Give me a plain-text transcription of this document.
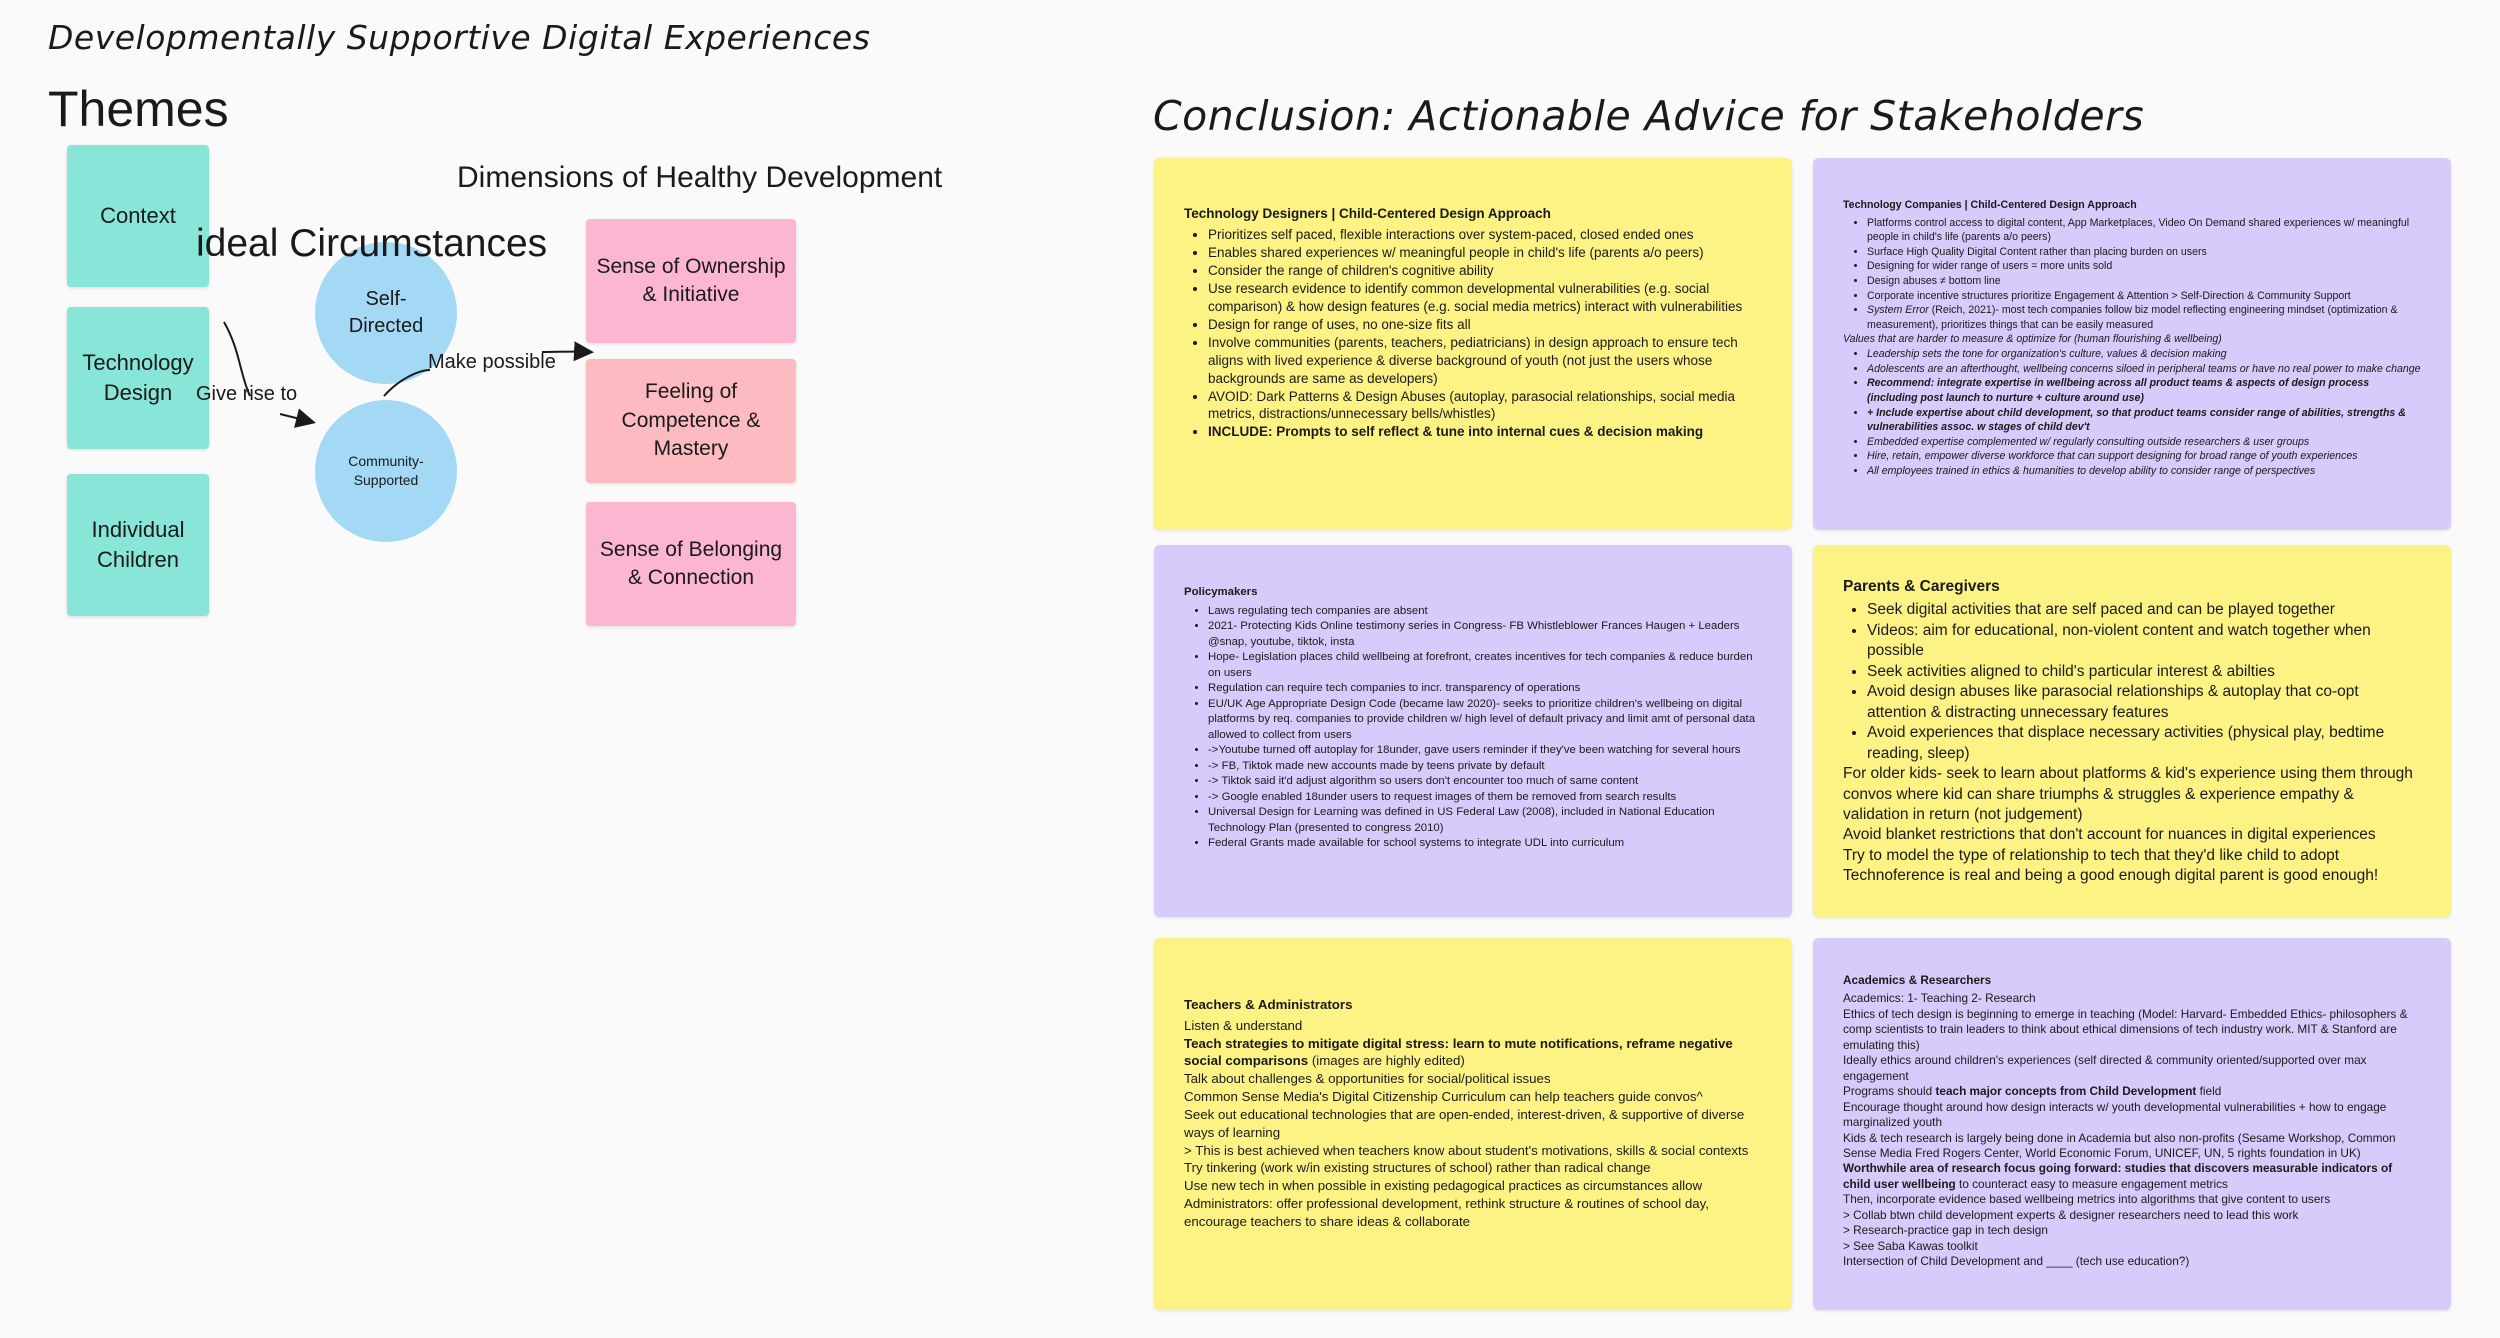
Developmentally Supportive Digital Experiences
Themes
Context
Technology Design
Individual Children
Dimensions of Healthy Development
Self-Directed
Community-Supported
ideal Circumstances
Sense of Ownership & Initiative
Feeling of Competence & Mastery
Sense of Belonging & Connection
Give rise to
Make possible
Conclusion: Actionable Advice for Stakeholders
Technology Designers | Child-Centered Design Approach
• Prioritizes self paced, flexible interactions over system-paced, closed ended ones
• Enables shared experiences w/ meaningful people in child's life (parents a/o peers)
• Consider the range of children's cognitive ability
• Use research evidence to identify common developmental vulnerabilities (e.g. social comparison) & how design features (e.g. social media metrics) interact with vulnerabilities
• Design for range of uses, no one-size fits all
• Involve communities (parents, teachers, pediatricians) in design approach to ensure tech aligns with lived experience & diverse background of youth (not just the users whose backgrounds are same as developers)
• AVOID: Dark Patterns & Design Abuses (autoplay, parasocial relationships, social media metrics, distractions/unnecessary bells/whistles)
• INCLUDE: Prompts to self reflect & tune into internal cues & decision making
Technology Companies | Child-Centered Design Approach
• Platforms control access to digital content, App Marketplaces, Video On Demand shared experiences w/ meaningful people in child's life (parents a/o peers)
• Surface High Quality Digital Content rather than placing burden on users
• Designing for wider range of users = more units sold
• Design abuses ≠ bottom line
• Corporate incentive structures prioritize Engagement & Attention > Self-Direction & Community Support
• System Error (Reich, 2021)- most tech companies follow biz model reflecting engineering mindset (optimization & measurement), prioritizes things that can be easily measured

Values that are harder to measure & optimize for (human flourishing & wellbeing)

• Leadership sets the tone for organization's culture, values & decision making
• Adolescents are an afterthought, wellbeing concerns siloed in peripheral teams or have no real power to make change
• Recommend: integrate expertise in wellbeing across all product teams & aspects of design process (including post launch to nurture + culture around use)
• + Include expertise about child development, so that product teams consider range of abilities, strengths & vulnerabilities assoc. w stages of child dev't
• Embedded expertise complemented w/ regularly consulting outside researchers & user groups
• Hire, retain, empower diverse workforce that can support designing for broad range of youth experiences
• All employees trained in ethics & humanities to develop ability to consider range of perspectives
Policymakers
• Laws regulating tech companies are absent
• 2021- Protecting Kids Online testimony series in Congress- FB Whistleblower Frances Haugen + Leaders @snap, youtube, tiktok, insta
• Hope- Legislation places child wellbeing at forefront, creates incentives for tech companies & reduce burden on users
• Regulation can require tech companies to incr. transparency of operations
• EU/UK Age Appropriate Design Code (became law 2020)- seeks to prioritize children's wellbeing on digital platforms by req. companies to provide children w/ high level of default privacy and limit amt of personal data allowed to collect from users
• ->Youtube turned off autoplay for 18under, gave users reminder if they've been watching for several hours
• -> FB, Tiktok made new accounts made by teens private by default
• -> Tiktok said it'd adjust algorithm so users don't encounter too much of same content
• -> Google enabled 18under users to request images of them be removed from search results
• Universal Design for Learning was defined in US Federal Law (2008), included in National Education Technology Plan (presented to congress 2010)
• Federal Grants made available for school systems to integrate UDL into curriculum
Parents & Caregivers
• Seek digital activities that are self paced and can be played together
• Videos: aim for educational, non-violent content and watch together when possible
• Seek activities aligned to child's particular interest & abilties
• Avoid design abuses like parasocial relationships & autoplay that co-opt attention & distracting unnecessary features
• Avoid experiences that displace necessary activities (physical play, bedtime reading, sleep)

For older kids- seek to learn about platforms & kid's experience using them through convos where kid can share triumphs & struggles & experience empathy & validation in return (not judgement)

Avoid blanket restrictions that don't account for nuances in digital experiences

Try to model the type of relationship to tech that they'd like child to adopt

Technoference is real and being a good enough digital parent is good enough!

Teachers & Administrators

Listen & understand

Teach strategies to mitigate digital stress: learn to mute notifications, reframe negative social comparisons (images are highly edited)

Talk about challenges & opportunities for social/political issues

Common Sense Media's Digital Citizenship Curriculum can help teachers guide convos^

Seek out educational technologies that are open-ended, interest-driven, & supportive of diverse ways of learning

> This is best achieved when teachers know about student's motivations, skills & social contexts

Try tinkering (work w/in existing structures of school) rather than radical change

Use new tech in when possible in existing pedagogical practices as circumstances allow

Administrators: offer professional development, rethink structure & routines of school day, encourage teachers to share ideas & collaborate

Academics & Researchers

Academics: 1- Teaching 2- Research

Ethics of tech design is beginning to emerge in teaching (Model: Harvard- Embedded Ethics- philosophers & comp scientists to train leaders to think about ethical dimensions of tech industry work. MIT & Stanford are emulating this)

Ideally ethics around children's experiences (self directed & community oriented/supported over max engagement

Programs should teach major concepts from Child Development field

Encourage thought around how design interacts w/ youth developmental vulnerabilities + how to engage marginalized youth

Kids & tech research is largely being done in Academia but also non-profits (Sesame Workshop, Common Sense Media Fred Rogers Center, World Economic Forum, UNICEF, UN, 5 rights foundation in UK)

Worthwhile area of research focus going forward: studies that discovers measurable indicators of child user wellbeing to counteract easy to measure engagement metrics

Then, incorporate evidence based wellbeing metrics into algorithms that give content to users

> Collab btwn child development experts & designer researchers need to lead this work

> Research-practice gap in tech design

> See Saba Kawas toolkit

Intersection of Child Development and ____ (tech use education?)
